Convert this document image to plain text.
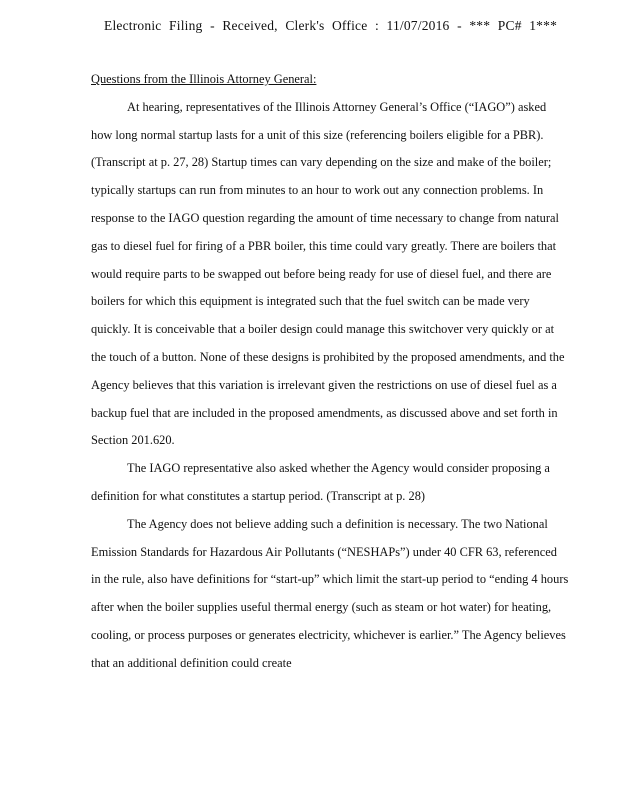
Electronic Filing - Received, Clerk's Office : 11/07/2016 - *** PC# 1***

Questions from the Illinois Attorney General:

At hearing, representatives of the Illinois Attorney General’s Office (“IAGO”) asked how long normal startup lasts for a unit of this size (referencing boilers eligible for a PBR). (Transcript at p. 27, 28) Startup times can vary depending on the size and make of the boiler; typically startups can run from minutes to an hour to work out any connection problems. In response to the IAGO question regarding the amount of time necessary to change from natural gas to diesel fuel for firing of a PBR boiler, this time could vary greatly. There are boilers that would require parts to be swapped out before being ready for use of diesel fuel, and there are boilers for which this equipment is integrated such that the fuel switch can be made very quickly. It is conceivable that a boiler design could manage this switchover very quickly or at the touch of a button. None of these designs is prohibited by the proposed amendments, and the Agency believes that this variation is irrelevant given the restrictions on use of diesel fuel as a backup fuel that are included in the proposed amendments, as discussed above and set forth in Section 201.620.

The IAGO representative also asked whether the Agency would consider proposing a definition for what constitutes a startup period. (Transcript at p. 28)

The Agency does not believe adding such a definition is necessary. The two National Emission Standards for Hazardous Air Pollutants (“NESHAPs”) under 40 CFR 63, referenced in the rule, also have definitions for “start-up” which limit the start-up period to “ending 4 hours after when the boiler supplies useful thermal energy (such as steam or hot water) for heating, cooling, or process purposes or generates electricity, whichever is earlier.” The Agency believes that an additional definition could create
